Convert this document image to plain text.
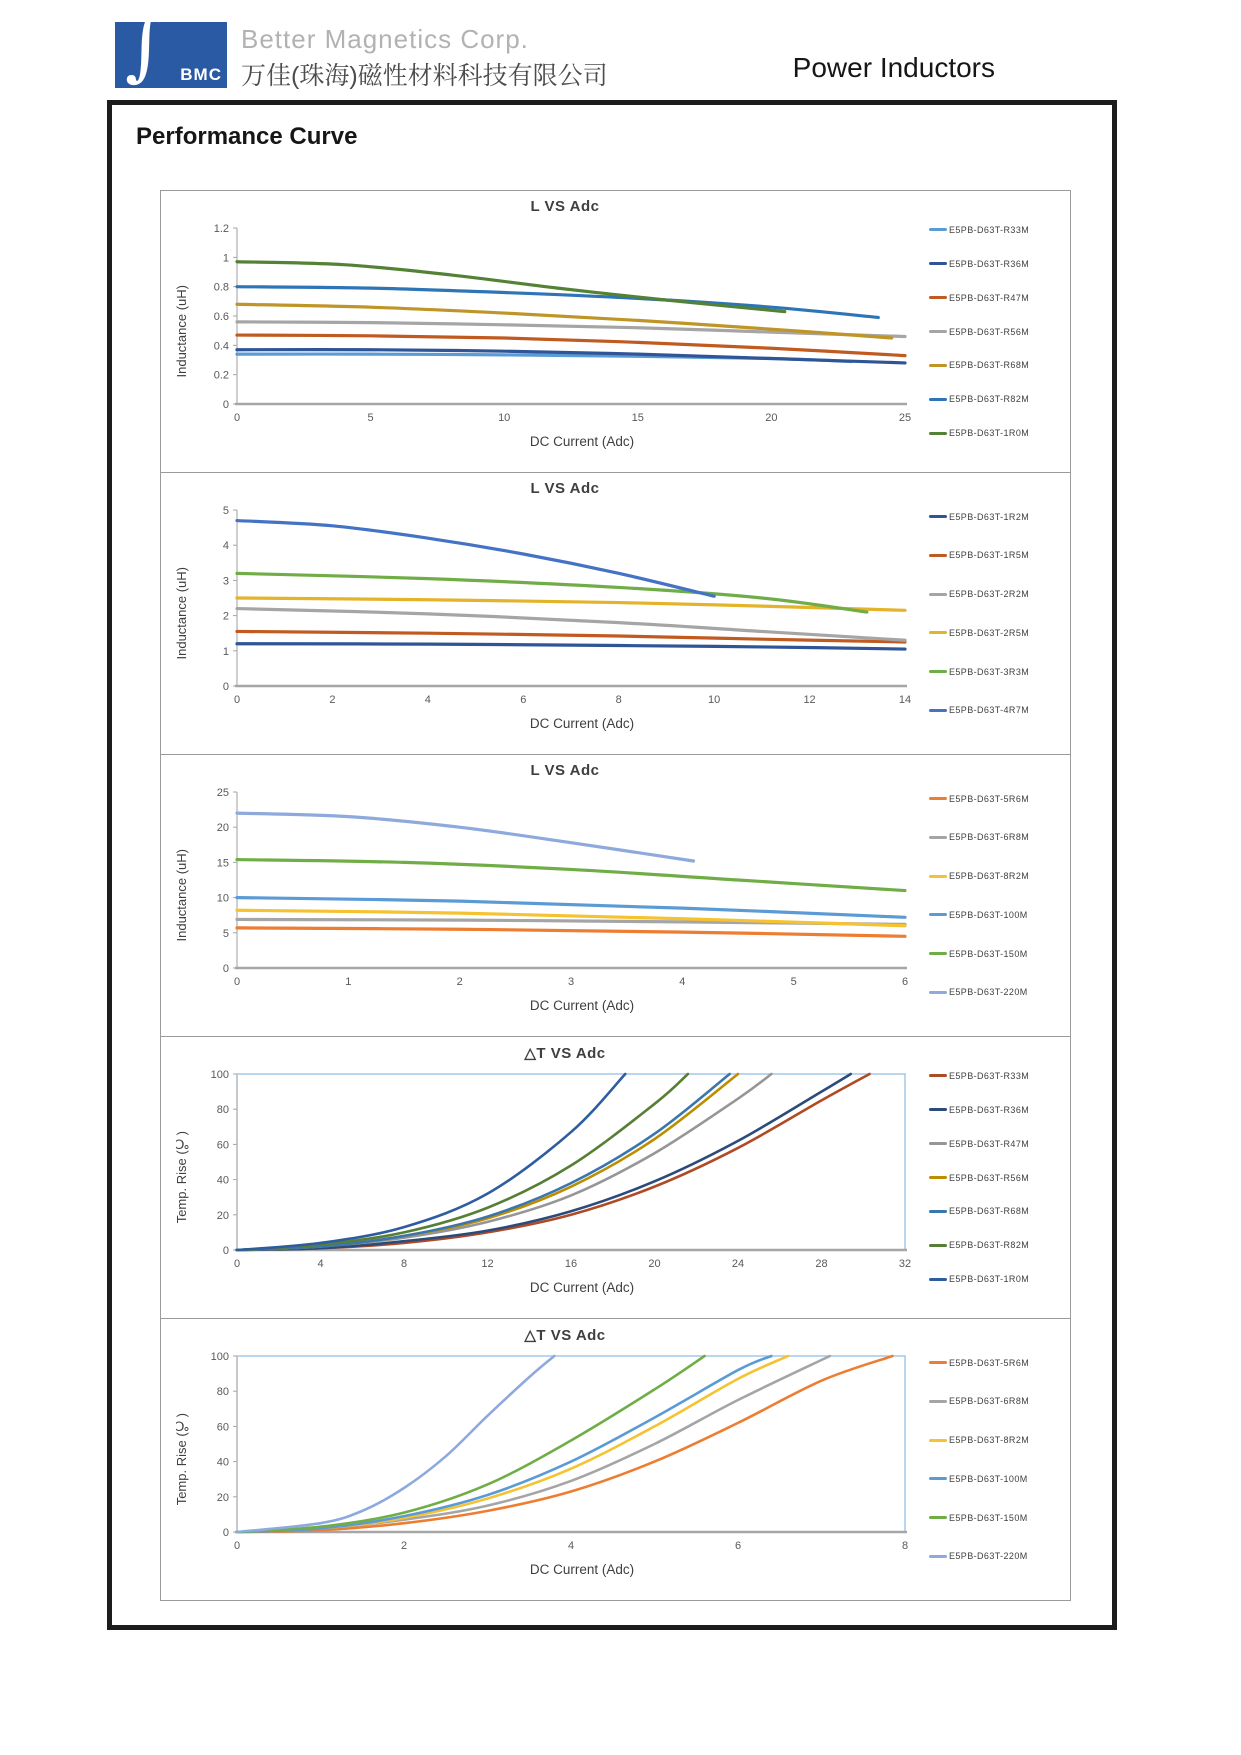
∫ BMC
Better Magnetics Corp.
万佳(珠海)磁性材料科技有限公司	Power Inductors
Performance Curve
Inductance (uH)
L VS Adc
0
0.2
0.4
0.6
0.8
1
1.2
0	5	10	15	20	25
DC Current (Adc)
E5PB-D63T-R33M
E5PB-D63T-R36M
E5PB-D63T-R47M
E5PB-D63T-R56M
E5PB-D63T-R68M
E5PB-D63T-R82M
E5PB-D63T-1R0M
Inductance (uH)
L VS Adc
0
1
2
3
4
5
0	2	4	6	8	10	12	14
DC Current (Adc)
E5PB-D63T-1R2M
E5PB-D63T-1R5M
E5PB-D63T-2R2M
E5PB-D63T-2R5M
E5PB-D63T-3R3M
E5PB-D63T-4R7M
Inductance (uH)
L VS Adc
0
5
10
15
20
25
0	1	2	3	4	5	6
DC Current (Adc)
E5PB-D63T-5R6M
E5PB-D63T-6R8M
E5PB-D63T-8R2M
E5PB-D63T-100M
E5PB-D63T-150M
E5PB-D63T-220M
Temp. Rise (℃)
△T VS Adc
0
20
40
60
80
100
0	4	8	12	16	20	24	28	32
DC Current (Adc)
E5PB-D63T-R33M
E5PB-D63T-R36M
E5PB-D63T-R47M
E5PB-D63T-R56M
E5PB-D63T-R68M
E5PB-D63T-R82M
E5PB-D63T-1R0M
Temp. Rise (℃)
△T VS Adc
0
20
40
60
80
100
0	2	4	6	8
DC Current (Adc)
E5PB-D63T-5R6M
E5PB-D63T-6R8M
E5PB-D63T-8R2M
E5PB-D63T-100M
E5PB-D63T-150M
E5PB-D63T-220M
